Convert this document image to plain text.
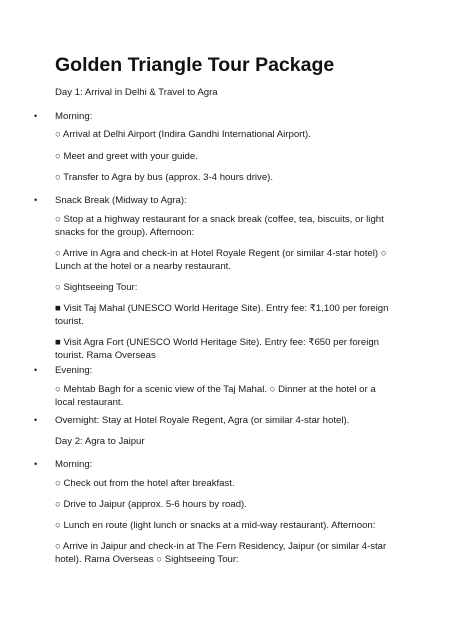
Golden Triangle Tour Package
Day 1: Arrival in Delhi & Travel to Agra
• Morning:
○ Arrival at Delhi Airport (Indira Gandhi International Airport).
○ Meet and greet with your guide.
○ Transfer to Agra by bus (approx. 3-4 hours drive).
• Snack Break (Midway to Agra):
○ Stop at a highway restaurant for a snack break (coffee, tea, biscuits, or light snacks for the group). Afternoon:
○ Arrive in Agra and check-in at Hotel Royale Regent (or similar 4-star hotel) ○ Lunch at the hotel or a nearby restaurant.
○ Sightseeing Tour:
■ Visit Taj Mahal (UNESCO World Heritage Site). Entry fee: ₹1,100 per foreign tourist.
■ Visit Agra Fort (UNESCO World Heritage Site). Entry fee: ₹650 per foreign tourist. Rama Overseas
• Evening:
○ Mehtab Bagh for a scenic view of the Taj Mahal. ○ Dinner at the hotel or a local restaurant.
• Overnight: Stay at Hotel Royale Regent, Agra (or similar 4-star hotel).
Day 2: Agra to Jaipur
• Morning:
○ Check out from the hotel after breakfast.
○ Drive to Jaipur (approx. 5-6 hours by road).
○ Lunch en route (light lunch or snacks at a mid-way restaurant). Afternoon:
○ Arrive in Jaipur and check-in at The Fern Residency, Jaipur (or similar 4-star hotel). Rama Overseas ○ Sightseeing Tour:
